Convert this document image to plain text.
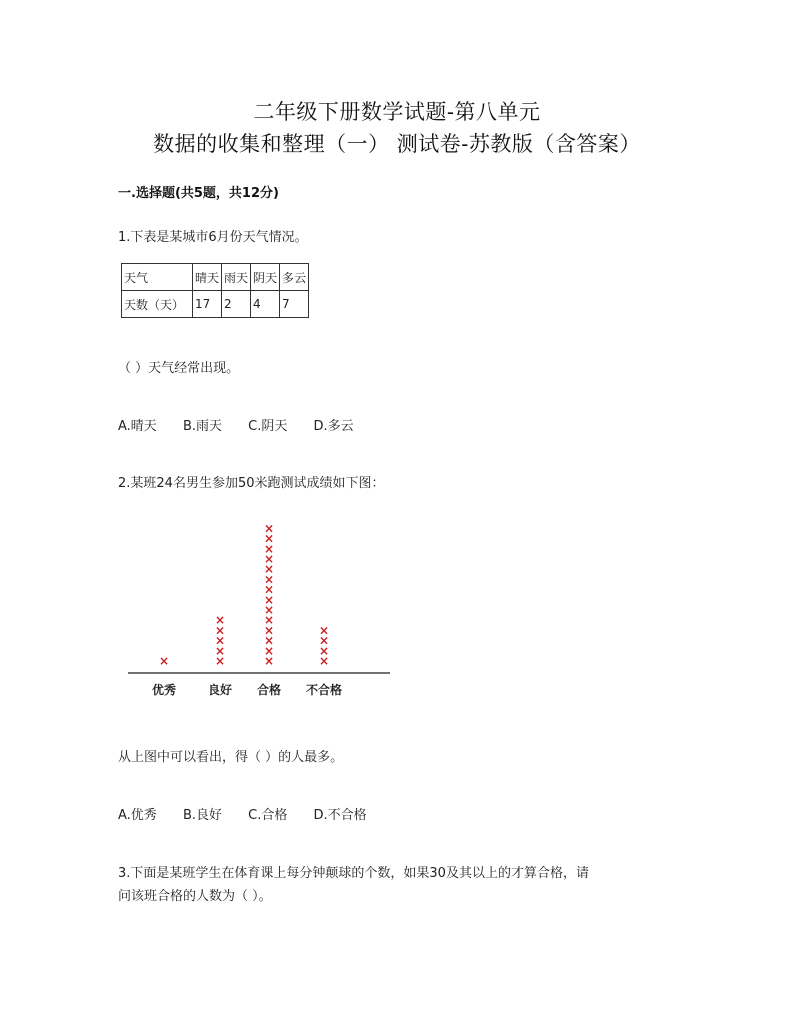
二年级下册数学试题-第八单元
数据的收集和整理（一） 测试卷-苏教版（含答案）
一.选择题(共5题，共12分)
1.下表是某城市6月份天气情况。
天气	晴天	雨天	阴天	多云
天数（天）	17	2	4	7
（ ）天气经常出现。
A.晴天 B.雨天 C.阴天 D.多云
2.某班24名男生参加50米跑测试成绩如下图：
×	×
×
×
×
×
×
×
×
×
×
×
×
×
×
×
×
×
×
×
×
×
×
×
优秀	良好 合格 不合格
从上图中可以看出，得（ ）的人最多。
A.优秀 B.良好 C.合格 D.不合格
3.下面是某班学生在体育课上每分钟颠球的个数，如果30及其以上的才算合格，请
问该班合格的人数为（ ）。
